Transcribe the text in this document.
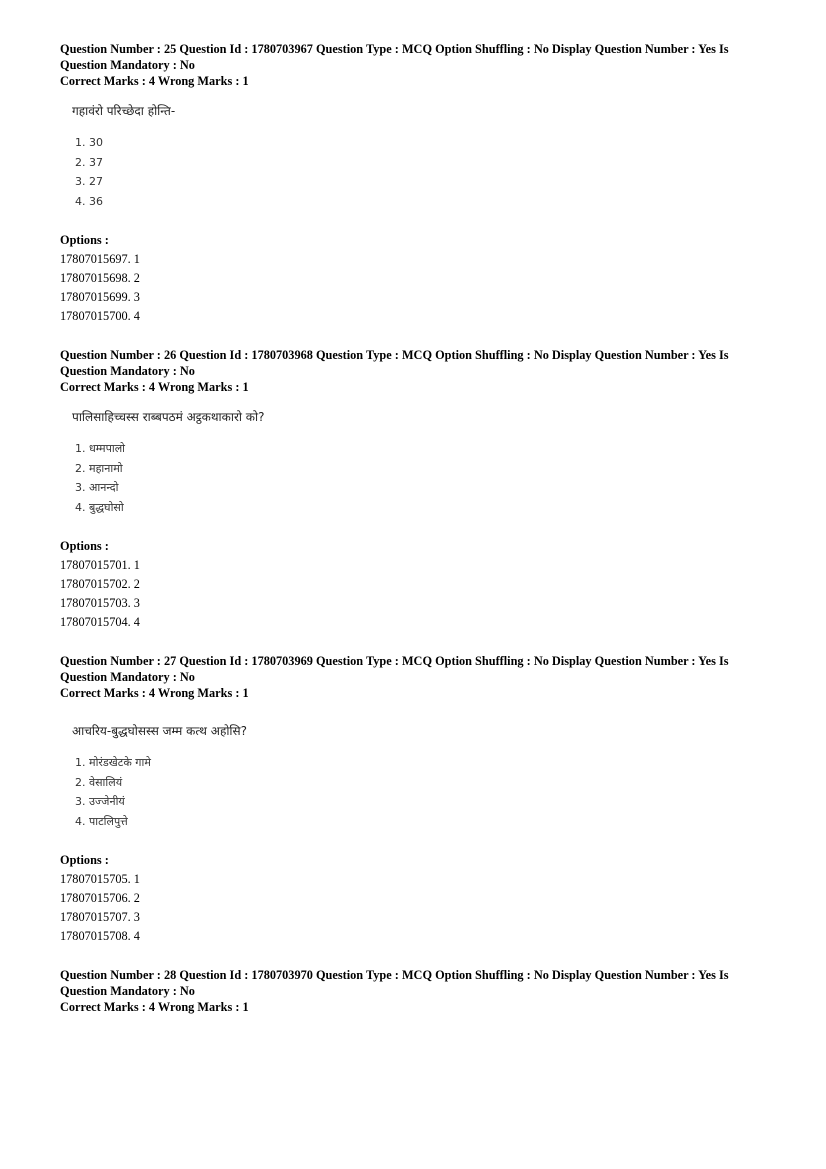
Question Number : 25 Question Id : 1780703967 Question Type : MCQ Option Shuffling : No Display Question Number : Yes Is Question Mandatory : No

Correct Marks : 4 Wrong Marks : 1

गहावंरो परिच्छेदा होन्ति-

1. 30
2. 37
3. 27
4. 36

Options :

17807015697. 1
17807015698. 2
17807015699. 3
17807015700. 4

Question Number : 26 Question Id : 1780703968 Question Type : MCQ Option Shuffling : No Display Question Number : Yes Is Question Mandatory : No

Correct Marks : 4 Wrong Marks : 1

पालिसाहिच्चस्स राब्बपठमं अट्ठकथाकारो को?

1. धम्मपालो
2. महानामो
3. आनन्दो
4. बुद्धघोसो

Options :

17807015701. 1
17807015702. 2
17807015703. 3
17807015704. 4

Question Number : 27 Question Id : 1780703969 Question Type : MCQ Option Shuffling : No Display Question Number : Yes Is Question Mandatory : No

Correct Marks : 4 Wrong Marks : 1

आचरिय-बुद्धघोसस्स जम्म कत्थ अहोसि?

1. मोरंडखेटके गामे
2. वेसालियं
3. उज्जेनीयं
4. पाटलिपुत्ते

Options :

17807015705. 1
17807015706. 2
17807015707. 3
17807015708. 4

Question Number : 28 Question Id : 1780703970 Question Type : MCQ Option Shuffling : No Display Question Number : Yes Is Question Mandatory : No

Correct Marks : 4 Wrong Marks : 1
